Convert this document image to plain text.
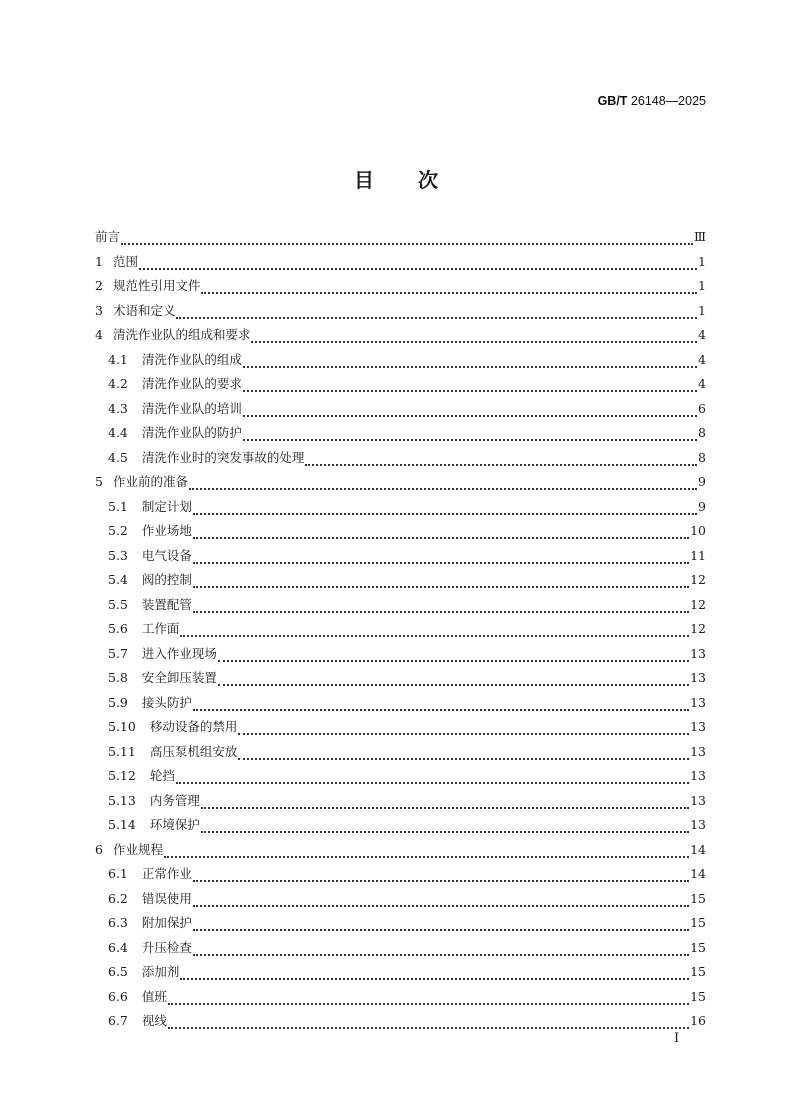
GB/T 26148—2025
目次
前言	Ⅲ
1 范围	1
2 规范性引用文件	1
3 术语和定义	1
4 清洗作业队的组成和要求	4
4.1 清洗作业队的组成	4
4.2 清洗作业队的要求	4
4.3 清洗作业队的培训	6
4.4 清洗作业队的防护	8
4.5 清洗作业时的突发事故的处理	8
5 作业前的准备	9
5.1 制定计划	9
5.2 作业场地	10
5.3 电气设备	11
5.4 阀的控制	12
5.5 装置配管	12
5.6 工作面	12
5.7 进入作业现场	13
5.8 安全卸压装置	13
5.9 接头防护	13
5.10 移动设备的禁用	13
5.11 高压泵机组安放	13
5.12 轮挡	13
5.13 内务管理	13
5.14 环境保护	13
6 作业规程	14
6.1 正常作业	14
6.2 错误使用	15
6.3 附加保护	15
6.4 升压检查	15
6.5 添加剂	15
6.6 值班	15
6.7 视线	16
I
